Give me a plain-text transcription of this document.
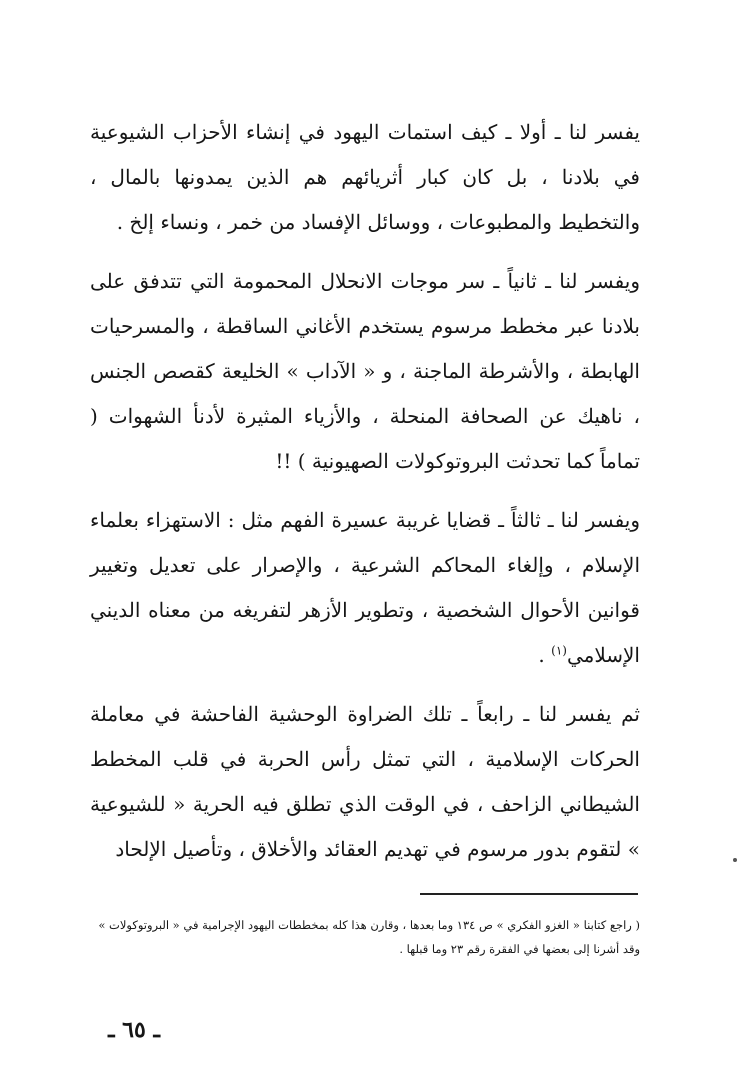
يفسر لنا ـ أولا ـ كيف استمات اليهود في إنشاء الأحزاب الشيوعية في بلادنا ، بل كان كبار أثريائهم هم الذين يمدونها بالمال ، والتخطيط والمطبوعات ، ووسائل الإفساد من خمر ، ونساء إلخ .

ويفسر لنا ـ ثانياً ـ سر موجات الانحلال المحمومة التي تتدفق على بلادنا عبر مخطط مرسوم يستخدم الأغاني الساقطة ، والمسرحيات الهابطة ، والأشرطة الماجنة ، و « الآداب » الخليعة كقصص الجنس ، ناهيك عن الصحافة المنحلة ، والأزياء المثيرة لأدنأ الشهوات ( تماماً كما تحدثت البروتوكولات الصهيونية ) !!

ويفسر لنا ـ ثالثاً ـ قضايا غريبة عسيرة الفهم مثل : الاستهزاء بعلماء الإسلام ، وإلغاء المحاكم الشرعية ، والإصرار على تعديل وتغيير قوانين الأحوال الشخصية ، وتطوير الأزهر لتفريغه من معناه الديني الإسلامي$^{(١)}$ .

ثم يفسر لنا ـ رابعاً ـ تلك الضراوة الوحشية الفاحشة في معاملة الحركات الإسلامية ، التي تمثل رأس الحربة في قلب المخطط الشيطاني الزاحف ، في الوقت الذي تطلق فيه الحرية « للشيوعية » لتقوم بدور مرسوم في تهديم العقائد والأخلاق ، وتأصيل الإلحاد

( راجع كتابنا « الغزو الفكري » ص ١٣٤ وما بعدها ، وقارن هذا كله بمخططات اليهود الإجرامية في « البروتوكولات » وقد أشرنا إلى بعضها في الفقرة رقم ٢٣ وما قبلها .

ـ ٦٥ ـ
